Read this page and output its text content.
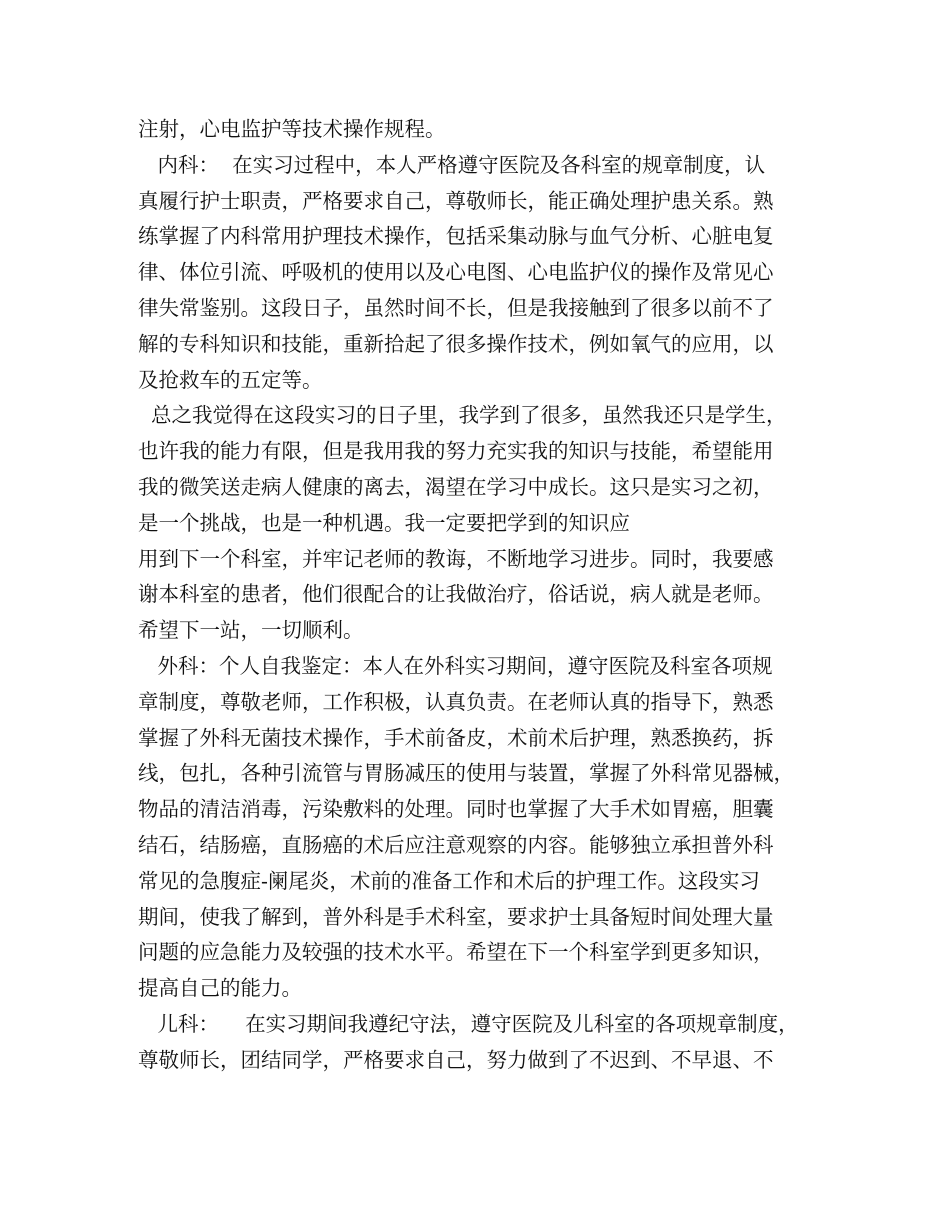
注射，心电监护等技术操作规程。
内科：  在实习过程中，本人严格遵守医院及各科室的规章制度，认
真履行护士职责，严格要求自己，尊敬师长，能正确处理护患关系。熟
练掌握了内科常用护理技术操作，包括采集动脉与血气分析、心脏电复
律、体位引流、呼吸机的使用以及心电图、心电监护仪的操作及常见心
律失常鉴别。这段日子，虽然时间不长，但是我接触到了很多以前不了
解的专科知识和技能，重新拾起了很多操作技术，例如氧气的应用，以
及抢救车的五定等。
总之我觉得在这段实习的日子里，我学到了很多，虽然我还只是学生，
也许我的能力有限，但是我用我的努力充实我的知识与技能，希望能用
我的微笑送走病人健康的离去，渴望在学习中成长。这只是实习之初，
是一个挑战，也是一种机遇。我一定要把学到的知识应
用到下一个科室，并牢记老师的教诲，不断地学习进步。同时，我要感
谢本科室的患者，他们很配合的让我做治疗，俗话说，病人就是老师。
希望下一站，一切顺利。
外科：个人自我鉴定：本人在外科实习期间，遵守医院及科室各项规
章制度，尊敬老师，工作积极，认真负责。在老师认真的指导下，熟悉
掌握了外科无菌技术操作，手术前备皮，术前术后护理，熟悉换药，拆
线，包扎，各种引流管与胃肠减压的使用与装置，掌握了外科常见器械，
物品的清洁消毒，污染敷料的处理。同时也掌握了大手术如胃癌，胆囊
结石，结肠癌，直肠癌的术后应注意观察的内容。能够独立承担普外科
常见的急腹症-阑尾炎，术前的准备工作和术后的护理工作。这段实习
期间，使我了解到，普外科是手术科室，要求护士具备短时间处理大量
问题的应急能力及较强的技术水平。希望在下一个科室学到更多知识，
提高自己的能力。
儿科：    在实习期间我遵纪守法，遵守医院及儿科室的各项规章制度，
尊敬师长，团结同学，严格要求自己，努力做到了不迟到、不早退、不
